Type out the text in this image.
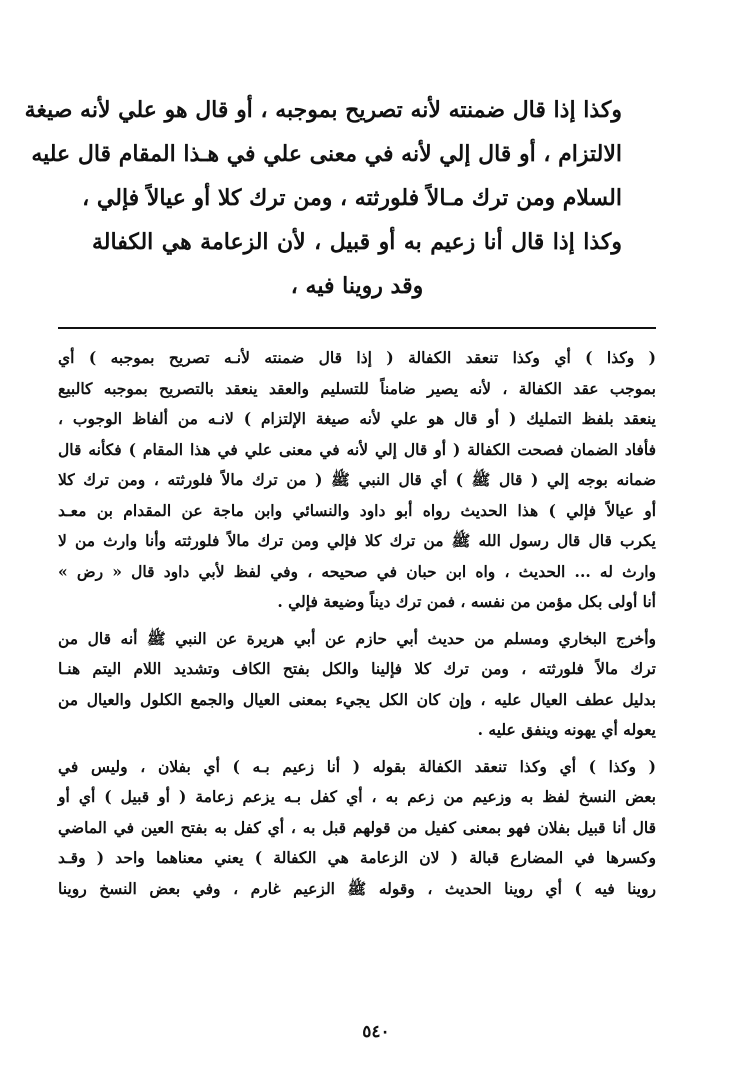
وكذا إذا قال ضمنته لأنه تصريح بموجبه ، أو قال هو علي لأنه صيغة
الالتزام ، أو قال إلي لأنه في معنى علي في هـذا المقام قال عليه
السلام ومن ترك مـالاً فلورثته ، ومن ترك كلا أو عيالاً فإلي ،
وكذا إذا قال أنا زعيم به أو قبيل ، لأن الزعامة هي الكفالة
وقد روينا فيه ،
( وكذا ) أي وكذا تنعقد الكفالة ( إذا قال ضمنته لأنـه تصريح بموجبه ) أي
بموجب عقد الكفالة ، لأنه يصير ضامناً للتسليم والعقد ينعقد بالتصريح بموجبه كالبيع
ينعقد بلفظ التمليك ( أو قال هو علي لأنه صيغة الإلتزام ) لانـه من ألفاظ الوجوب ،
فأفاد الضمان فصحت الكفالة ( أو قال إلي لأنه في معنى علي في هذا المقام ) فكأنه قال
ضمانه بوجه إلي ( قال ﷺ ) أي قال النبي ﷺ ( من ترك مالاً فلورثته ، ومن ترك كلا
أو عيالاً فإلي ) هذا الحديث رواه أبو داود والنسائي وابن ماجة عن المقدام بن معـد
يكرب قال قال رسول الله ﷺ من ترك كلا فإلي ومن ترك مالاً فلورثته وأنا وارث من لا
وارث له ... الحديث ، واه ابن حبان في صحيحه ، وفي لفظ لأبي داود قال « رض »
أنا أولى بكل مؤمن من نفسه ، فمن ترك ديناً وضيعة فإلي .
وأخرج البخاري ومسلم من حديث أبي حازم عن أبي هريرة عن النبي ﷺ أنه قال من
ترك مالاً فلورثته ، ومن ترك كلا فإلينا والكل بفتح الكاف وتشديد اللام اليتم هنـا
بدليل عطف العيال عليه ، وإن كان الكل يجيء بمعنى العيال والجمع الكلول والعيال من
يعوله أي يهونه وينفق عليه .
( وكذا ) أي وكذا تنعقد الكفالة بقوله ( أنا زعيم بـه ) أي بفلان ، وليس في
بعض النسخ لفظ به وزعيم من زعم به ، أي كفل بـه يزعم زعامة ( أو قبيل ) أي أو
قال أنا قبيل بفلان فهو بمعنى كفيل من قولهم قبل به ، أي كفل به بفتح العين في الماضي
وكسرها في المضارع قبالة ( لان الزعامة هي الكفالة ) يعني معناهما واحد ( وقـد
روينا فيه ) أي روينا الحديث ، وقوله ﷺ الزعيم غارم ، وفي بعض النسخ روينا
٥٤٠
